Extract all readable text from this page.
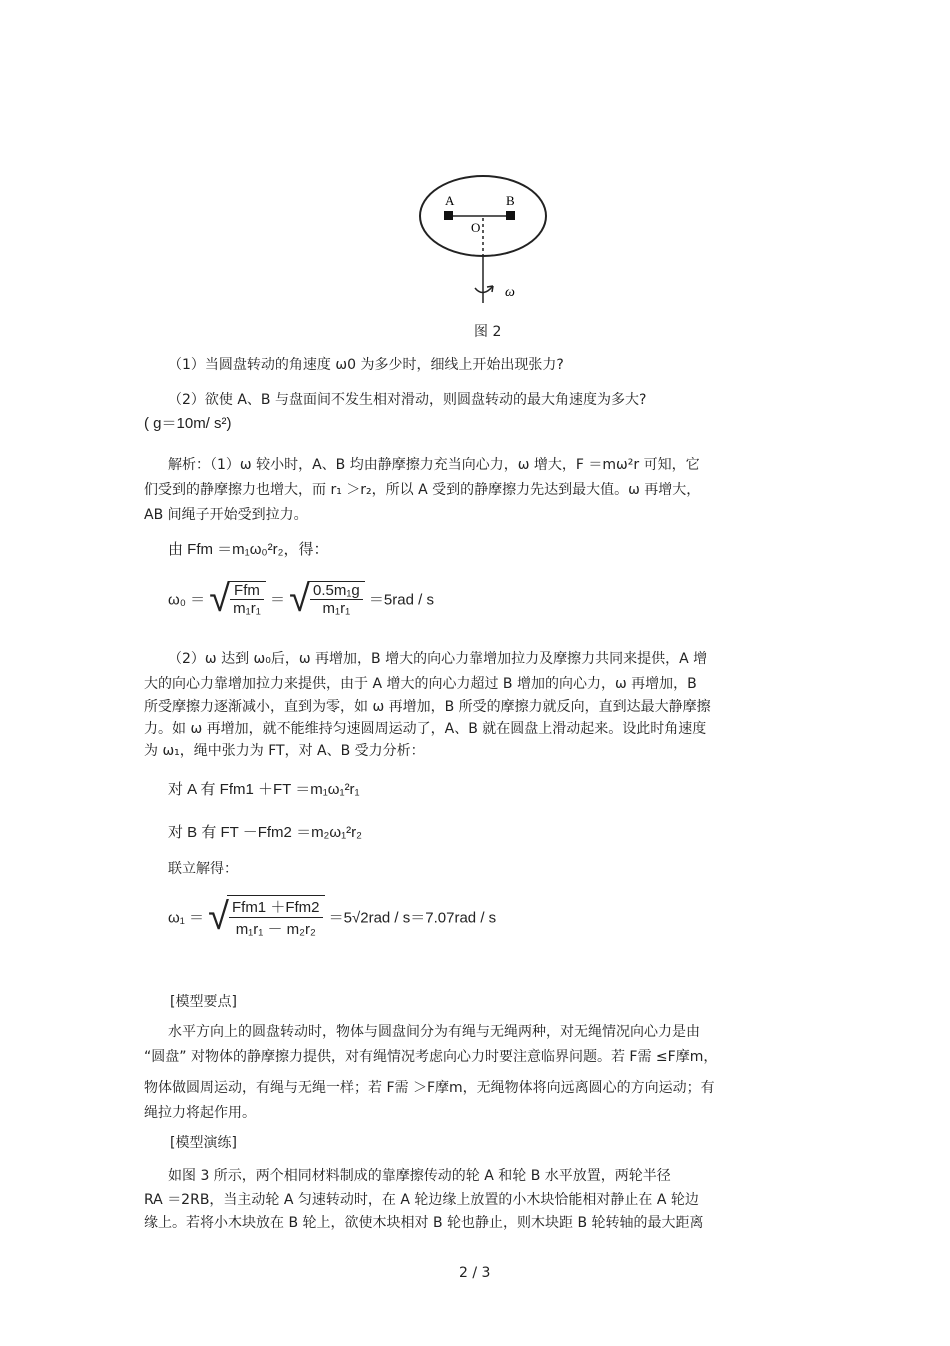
A	B
O
ω
图 2
（1）当圆盘转动的角速度 ω0 为多少时，细线上开始出现张力?
（2）欲使 A、B 与盘面间不发生相对滑动，则圆盘转动的最大角速度为多大?
( g＝10m/ s²)
解析：（1）ω 较小时，A、B 均由静摩擦力充当向心力，ω 增大，F ＝mω²r 可知，它
们受到的静摩擦力也增大，而 r₁ ＞r₂，所以 A 受到的静摩擦力先达到最大值。ω 再增大，
AB 间绳子开始受到拉力。
由 Ffm ＝m₁ω₀²r₂，得：
ω₀ ＝ √ $\frac{\text{Ffm}}{\text{m₁r₁}}$ ＝ √ $\frac{\text{0.5m₁g}}{\text{m₁r₁}} =5rad / s$
（2）ω 达到 ω₀后，ω 再增加，B 增大的向心力靠增加拉力及摩擦力共同来提供，A 增
大的向心力靠增加拉力来提供，由于 A 增大的向心力超过 B 增加的向心力，ω 再增加，B
所受摩擦力逐渐减小，直到为零，如 ω 再增加，B 所受的摩擦力就反向，直到达最大静摩擦
力。如 ω 再增加，就不能维持匀速圆周运动了，A、B 就在圆盘上滑动起来。设此时角速度
为 ω₁，绳中张力为 FT，对 A、B 受力分析：
对 A 有 Ffm1 ＋FT ＝m₁ω₁²r₁
对 B 有 FT －Ffm2 ＝m₂ω₁²r₂
联立解得：
ω₁ ＝ √ $\frac{\text{Ffm1 ＋Ffm2}}{\text{m₁r₁ － m₂r₂}} =5√2rad / s=7.07rad / s$
[模型要点]
水平方向上的圆盘转动时，物体与圆盘间分为有绳与无绳两种，对无绳情况向心力是由
“圆盘” 对物体的静摩擦力提供，对有绳情况考虑向心力时要注意临界问题。若 F需 ≤F摩m，
物体做圆周运动，有绳与无绳一样；若 F需 ＞F摩m，无绳物体将向远离圆心的方向运动；有
绳拉力将起作用。
[模型演练]
如图 3 所示，两个相同材料制成的靠摩擦传动的轮 A 和轮 B 水平放置，两轮半径
RA ＝2RB，当主动轮 A 匀速转动时，在 A 轮边缘上放置的小木块恰能相对静止在 A 轮边
缘上。若将小木块放在 B 轮上，欲使木块相对 B 轮也静止，则木块距 B 轮转轴的最大距离
2 / 3
